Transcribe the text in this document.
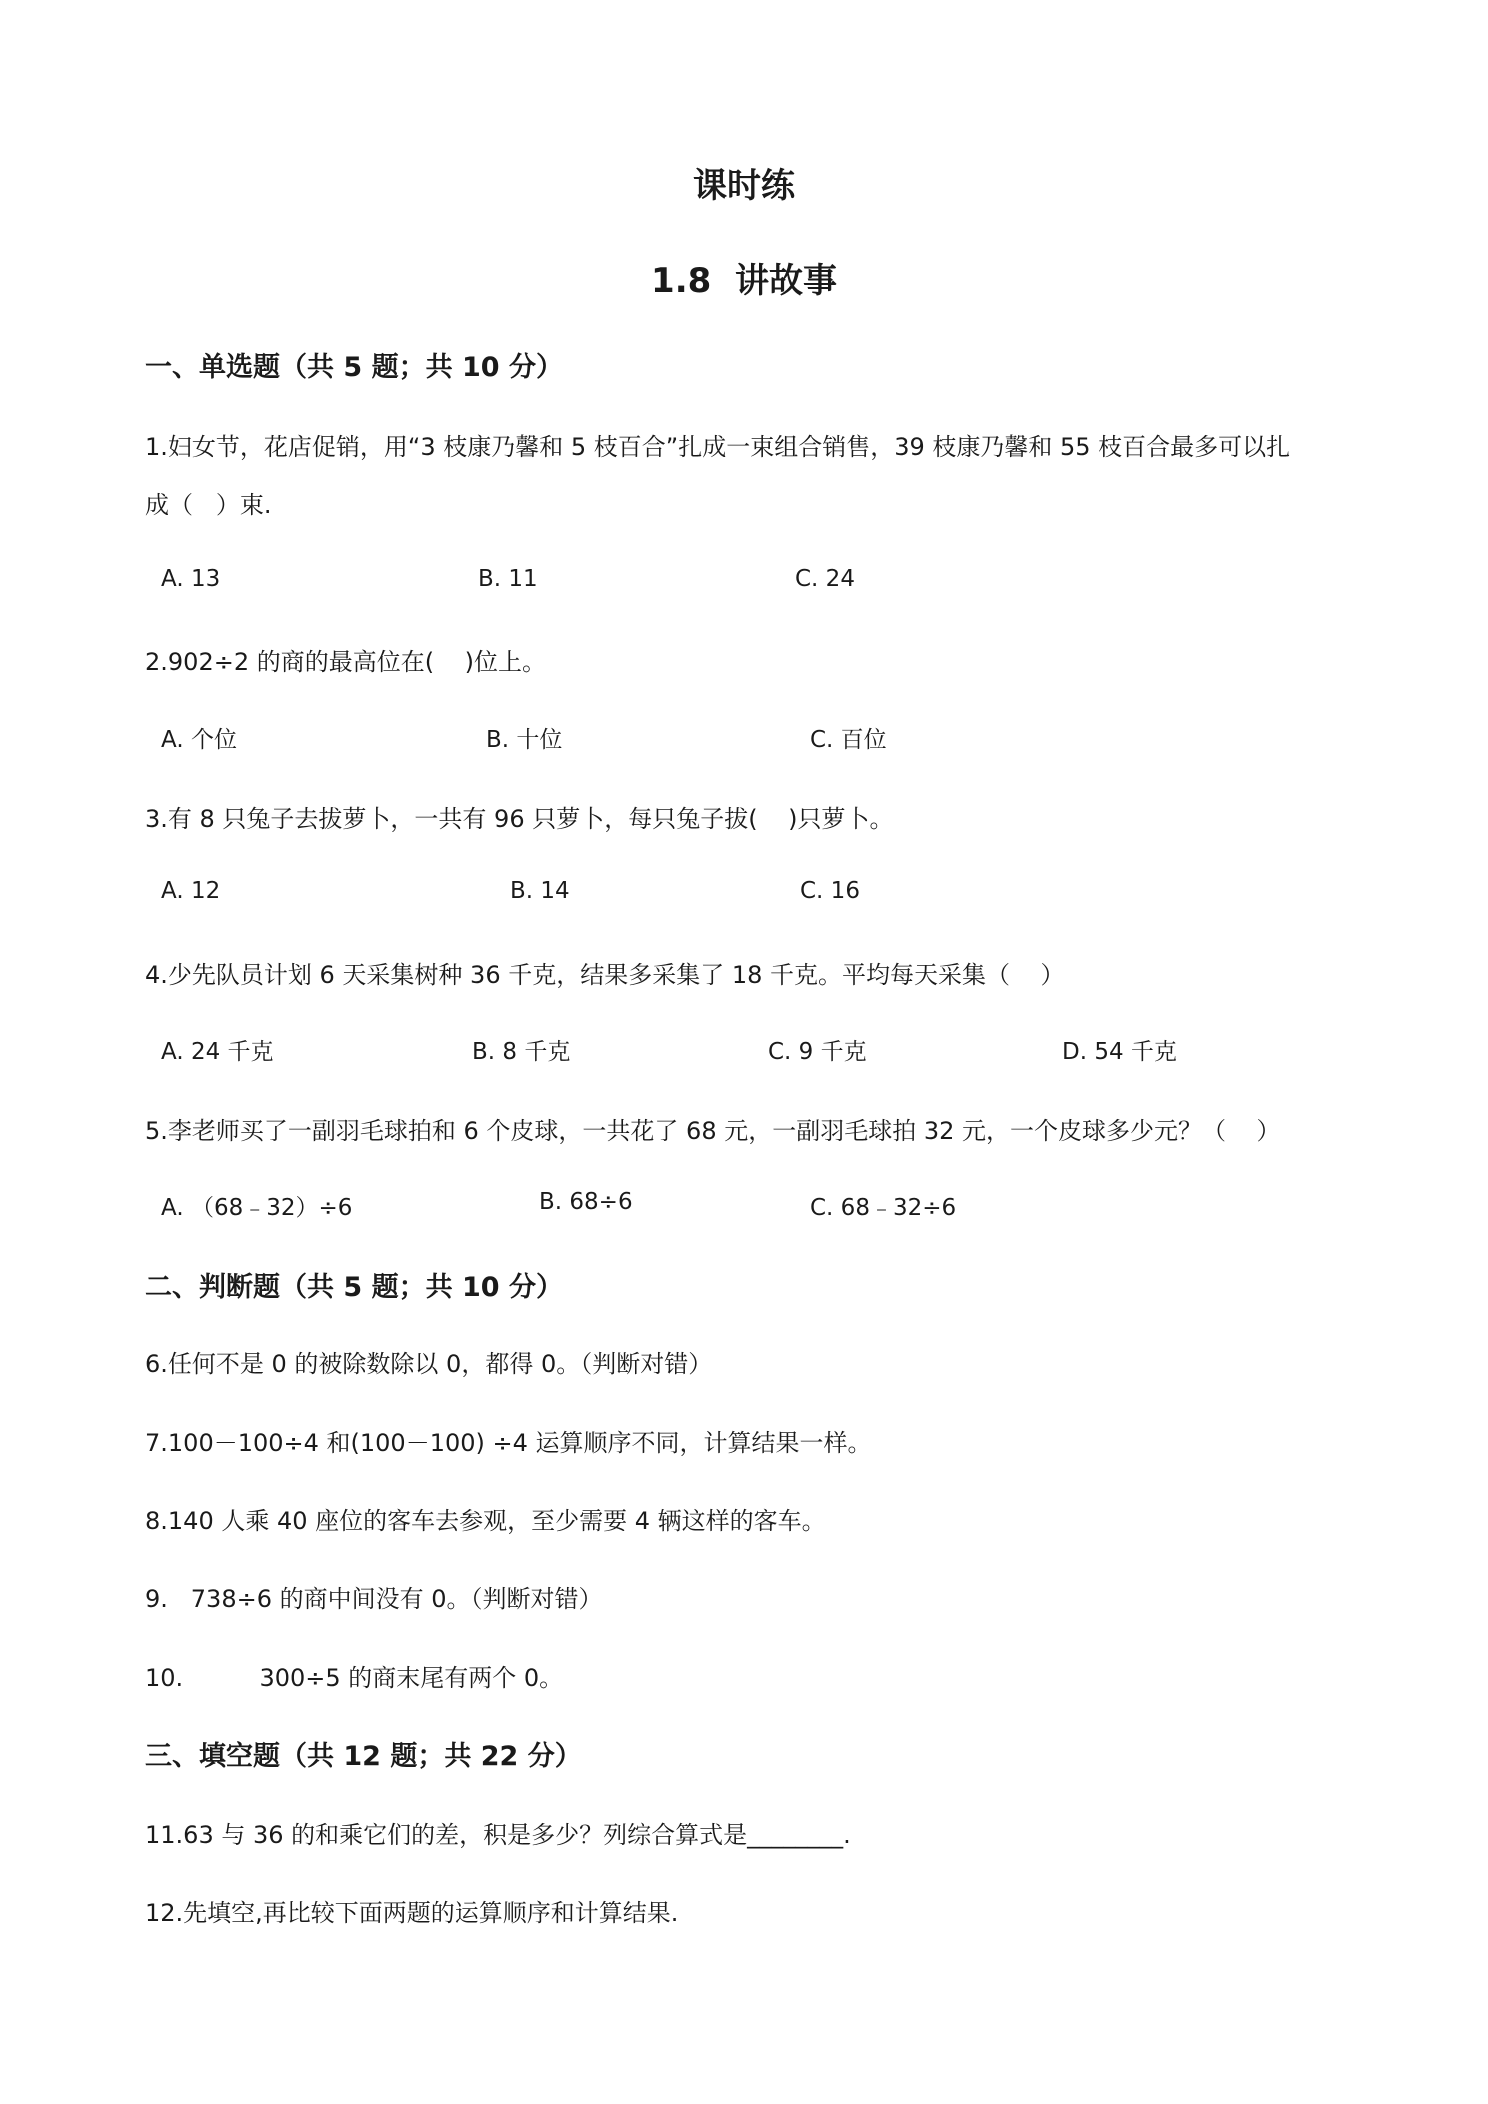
课时练
1.8  讲故事
一、单选题（共 5 题；共 10 分）
1.妇女节，花店促销，用“3 枝康乃馨和 5 枝百合”扎成一束组合销售，39 枝康乃馨和 55 枝百合最多可以扎
成（   ）束.
A. 13	B. 11	C. 24
2.902÷2 的商的最高位在(    )位上。
A. 个位	B. 十位	C. 百位
3.有 8 只兔子去拔萝卜，一共有 96 只萝卜，每只兔子拔(    )只萝卜。
A. 12	B. 14	C. 16
4.少先队员计划 6 天采集树种 36 千克，结果多采集了 18 千克。平均每天采集（    ）
A. 24 千克	B. 8 千克	C. 9 千克	D. 54 千克
5.李老师买了一副羽毛球拍和 6 个皮球，一共花了 68 元，一副羽毛球拍 32 元，一个皮球多少元？（    ）
A. （68﹣32）÷6	B. 68÷6	C. 68﹣32÷6
二、判断题（共 5 题；共 10 分）
6.任何不是 0 的被除数除以 0，都得 0。（判断对错）
7.100－100÷4 和(100－100) ÷4 运算顺序不同，计算结果一样。
8.140 人乘 40 座位的客车去参观，至少需要 4 辆这样的客车。
9.   738÷6 的商中间没有 0。（判断对错）
10.          300÷5 的商末尾有两个 0。
三、填空题（共 12 题；共 22 分）
11.63 与 36 的和乘它们的差，积是多少？列综合算式是________.
12.先填空,再比较下面两题的运算顺序和计算结果.
